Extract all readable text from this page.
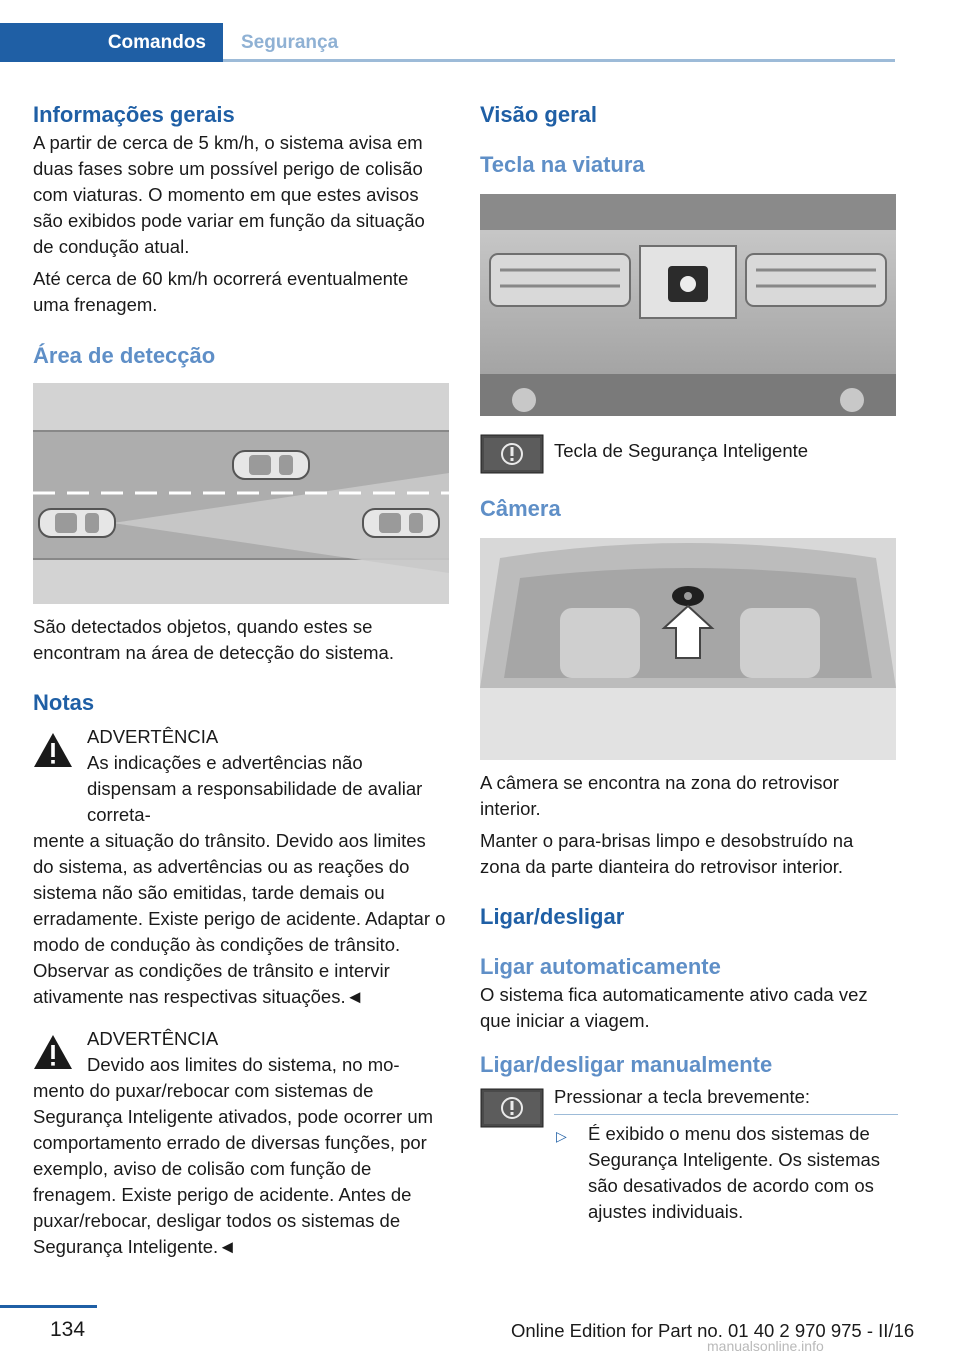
Comandos Segurança
Informações gerais

A partir de cerca de 5 km/h, o sistema avisa em duas fases sobre um possível perigo de colisão com viaturas. O momento em que estes avisos são exibidos pode variar em função da situação de condução atual.

Até cerca de 60 km/h ocorrerá eventualmente uma frenagem.

Área de detecção

São detectados objetos, quando estes se encontram na área de detecção do sistema.

Notas
ADVERTÊNCIA

As indicações e advertências não dispensam a responsabilidade de avaliar correta-

mente a situação do trânsito. Devido aos limites do sistema, as advertências ou as reações do sistema não são emitidas, tarde demais ou erradamente. Existe perigo de acidente. Adaptar o modo de condução às condições de trânsito. Observar as condições de trânsito e intervir ativamente nas respectivas situações.◄

ADVERTÊNCIA

Devido aos limites do sistema, no mo-

mento do puxar/rebocar com sistemas de Segurança Inteligente ativados, pode ocorrer um comportamento errado de diversas funções, por exemplo, aviso de colisão com função de frenagem. Existe perigo de acidente. Antes de puxar/rebocar, desligar todos os sistemas de Segurança Inteligente.◄

Visão geral
Tecla na viatura
Tecla de Segurança Inteligente
Câmera

A câmera se encontra na zona do retrovisor interior.

Manter o para-brisas limpo e desobstruído na zona da parte dianteira do retrovisor interior.

Ligar/desligar
Ligar automaticamente

O sistema fica automaticamente ativo cada vez que iniciar a viagem.

Ligar/desligar manualmente

Pressionar a tecla brevemente:

▷ É exibido o menu dos sistemas de Segurança Inteligente. Os sistemas são desativados de acordo com os ajustes individuais.

134	Online Edition for Part no. 01 40 2 970 975 - II/16
manualsonline.info
